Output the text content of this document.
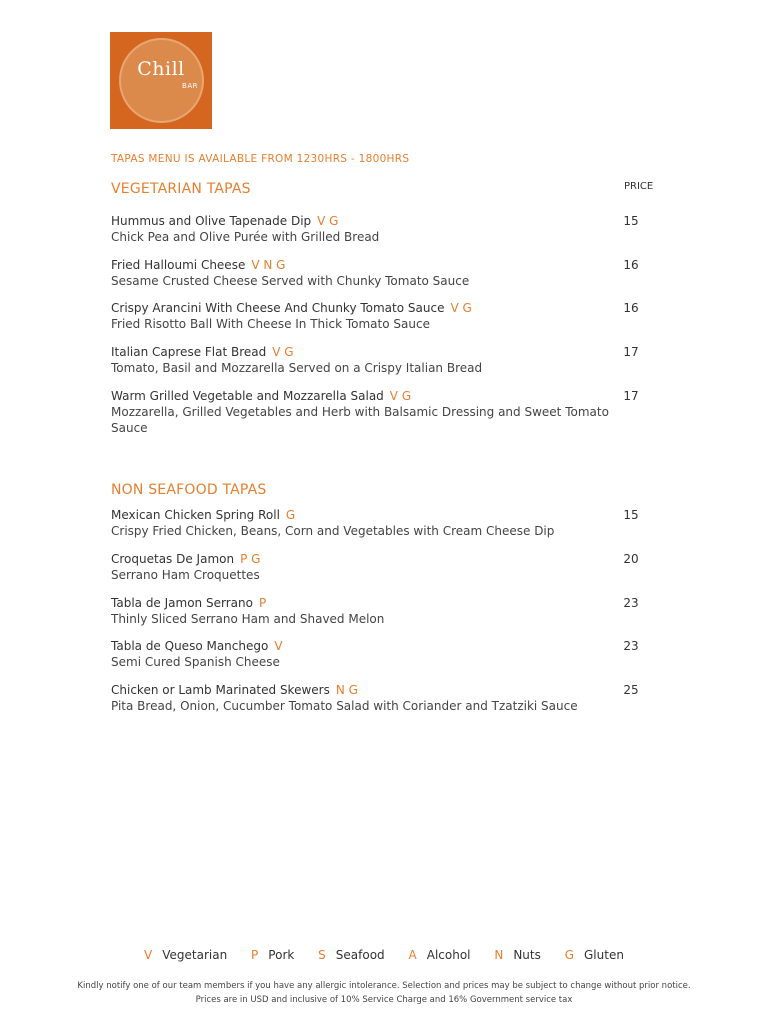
Chill
BAR
TAPAS MENU IS AVAILABLE FROM 1230HRS - 1800HRS
PRICE
VEGETARIAN TAPAS
Hummus and Olive Tapenade Dip V G
Chick Pea and Olive Purée with Grilled Bread
15
Fried Halloumi Cheese V N G
Sesame Crusted Cheese Served with Chunky Tomato Sauce
16
Crispy Arancini With Cheese And Chunky Tomato Sauce V G
Fried Risotto Ball With Cheese In Thick Tomato Sauce
16
Italian Caprese Flat Bread V G
Tomato, Basil and Mozzarella Served on a Crispy Italian Bread
17
Warm Grilled Vegetable and Mozzarella Salad V G
Mozzarella, Grilled Vegetables and Herb with Balsamic Dressing and Sweet Tomato Sauce
17
NON SEAFOOD TAPAS
Mexican Chicken Spring Roll G
Crispy Fried Chicken, Beans, Corn and Vegetables with Cream Cheese Dip
15
Croquetas De Jamon P G
Serrano Ham Croquettes
20
Tabla de Jamon Serrano P
Thinly Sliced Serrano Ham and Shaved Melon
23
Tabla de Queso Manchego V
Semi Cured Spanish Cheese
23
Chicken or Lamb Marinated Skewers N G
Pita Bread, Onion, Cucumber Tomato Salad with Coriander and Tzatziki Sauce
25
V Vegetarian P Pork S Seafood A Alcohol N Nuts G Gluten
Kindly notify one of our team members if you have any allergic intolerance. Selection and prices may be subject to change without prior notice.
Prices are in USD and inclusive of 10% Service Charge and 16% Government service tax
